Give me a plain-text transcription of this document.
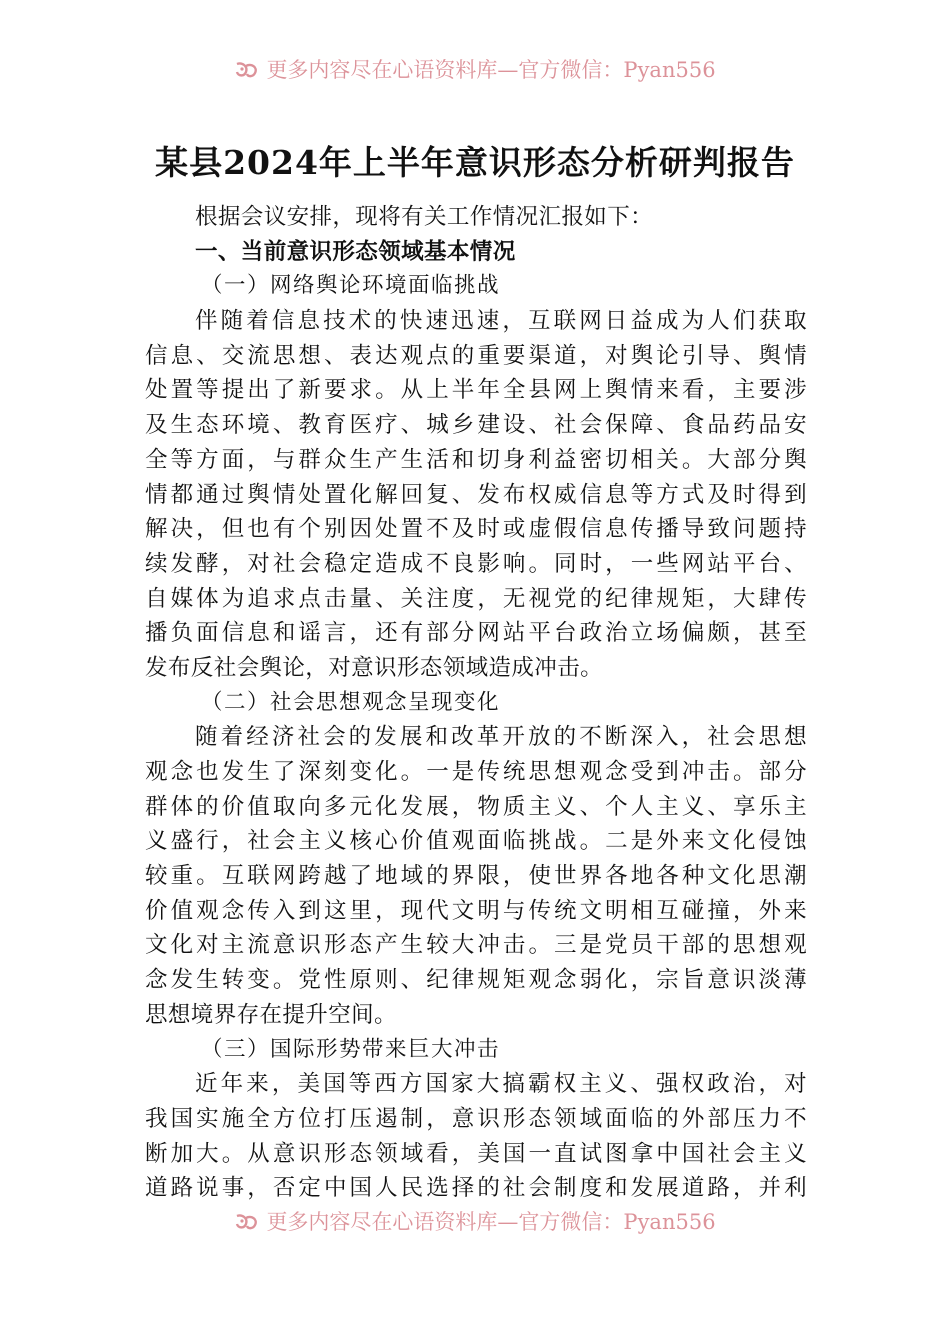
更多内容尽在心语资料库—官方微信：Pyan556
某县2024年上半年意识形态分析研判报告
根据会议安排，现将有关工作情况汇报如下：
一、当前意识形态领域基本情况
（一）网络舆论环境面临挑战
伴随着信息技术的快速迅速，互联网日益成为人们获取
信息、交流思想、表达观点的重要渠道，对舆论引导、舆情
处置等提出了新要求。从上半年全县网上舆情来看，主要涉
及生态环境、教育医疗、城乡建设、社会保障、食品药品安
全等方面，与群众生产生活和切身利益密切相关。大部分舆
情都通过舆情处置化解回复、发布权威信息等方式及时得到
解决，但也有个别因处置不及时或虚假信息传播导致问题持
续发酵，对社会稳定造成不良影响。同时，一些网站平台、
自媒体为追求点击量、关注度，无视党的纪律规矩，大肆传
播负面信息和谣言，还有部分网站平台政治立场偏颇，甚至
发布反社会舆论，对意识形态领域造成冲击。
（二）社会思想观念呈现变化
随着经济社会的发展和改革开放的不断深入，社会思想
观念也发生了深刻变化。一是传统思想观念受到冲击。部分
群体的价值取向多元化发展，物质主义、个人主义、享乐主
义盛行，社会主义核心价值观面临挑战。二是外来文化侵蚀
较重。互联网跨越了地域的界限，使世界各地各种文化思潮
价值观念传入到这里，现代文明与传统文明相互碰撞，外来
文化对主流意识形态产生较大冲击。三是党员干部的思想观
念发生转变。党性原则、纪律规矩观念弱化，宗旨意识淡薄
思想境界存在提升空间。
（三）国际形势带来巨大冲击
近年来，美国等西方国家大搞霸权主义、强权政治，对
我国实施全方位打压遏制，意识形态领域面临的外部压力不
断加大。从意识形态领域看，美国一直试图拿中国社会主义
道路说事，否定中国人民选择的社会制度和发展道路，并利
更多内容尽在心语资料库—官方微信：Pyan556
